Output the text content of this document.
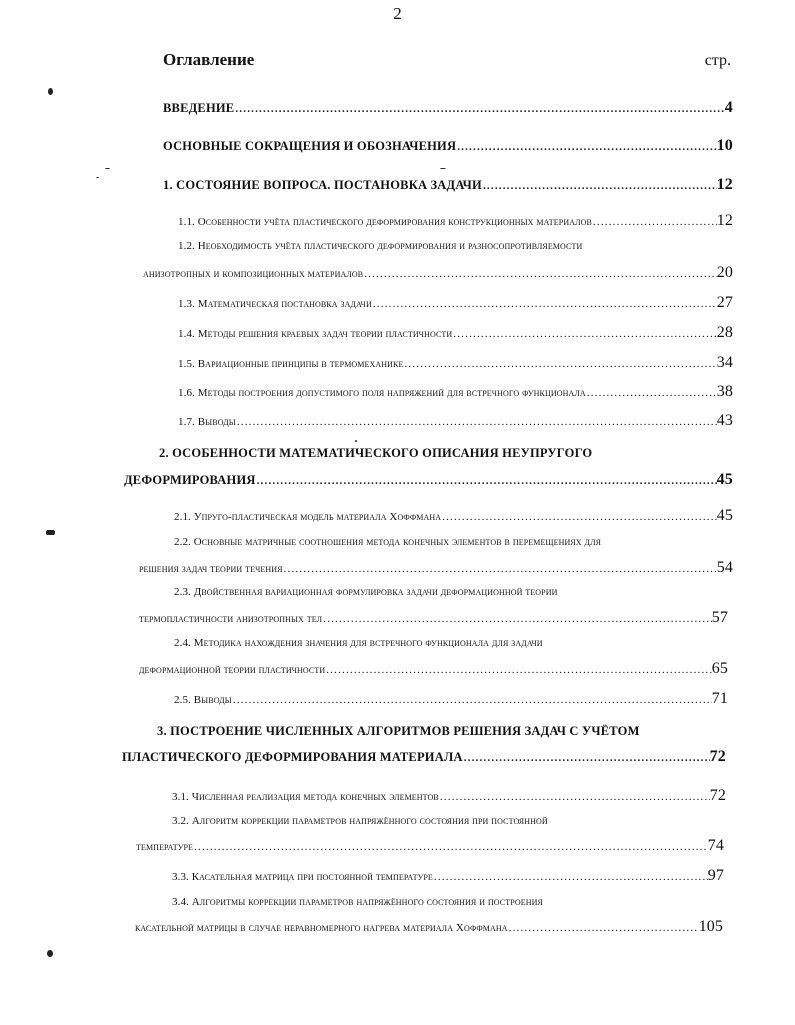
2
Оглавление	стр.
ВВЕДЕНИЕ .....	4
ОСНОВНЫЕ СОКРАЩЕНИЯ И ОБОЗНАЧЕНИЯ .....	10
1. СОСТОЯНИЕ ВОПРОСА. ПОСТАНОВКА ЗАДАЧИ .....	12
1.1. Особенности учёта пластического деформирования конструкционных материалов .....	12
1.2. Необходимость учёта пластического деформирования и разносопротивляемости
анизотропных и композиционных материалов .....	20
1.3. Математическая постановка задачи .....	27
1.4. Методы решения краевых задач теории пластичности .....	28
1.5. Вариационные принципы в термомеханике .....	34
1.6. Методы построения допустимого поля напряжений для встречного функционала .....	38
1.7. Выводы .....	43
2. ОСОБЕННОСТИ МАТЕМАТИЧЕСКОГО ОПИСАНИЯ НЕУПРУГОГО
ДЕФОРМИРОВАНИЯ .....	45
2.1. Упруго-пластическая модель материала Хоффмана .....	45
2.2. Основные матричные соотношения метода конечных элементов в перемещениях для
решения задач теории течения .....	54
2.3. Двойственная вариационная формулировка задачи деформационной теории
термопластичности анизотропных тел .....	57
2.4. Методика нахождения значения для встречного функционала для задачи
деформационной теории пластичности .....	65
2.5. Выводы .....	71
3. ПОСТРОЕНИЕ ЧИСЛЕННЫХ АЛГОРИТМОВ РЕШЕНИЯ ЗАДАЧ С УЧЁТОМ
ПЛАСТИЧЕСКОГО ДЕФОРМИРОВАНИЯ МАТЕРИАЛА .....	72
3.1. Численная реализация метода конечных элементов .....	72
3.2. Алгоритм коррекции параметров напряжённого состояния при постоянной
температуре .....	74
3.3. Касательная матрица при постоянной температуре .....	97
3.4. Алгоритмы коррекции параметров напряжённого состояния и построения
касательной матрицы в случае неравномерного нагрева материала Хоффмана .....	105
